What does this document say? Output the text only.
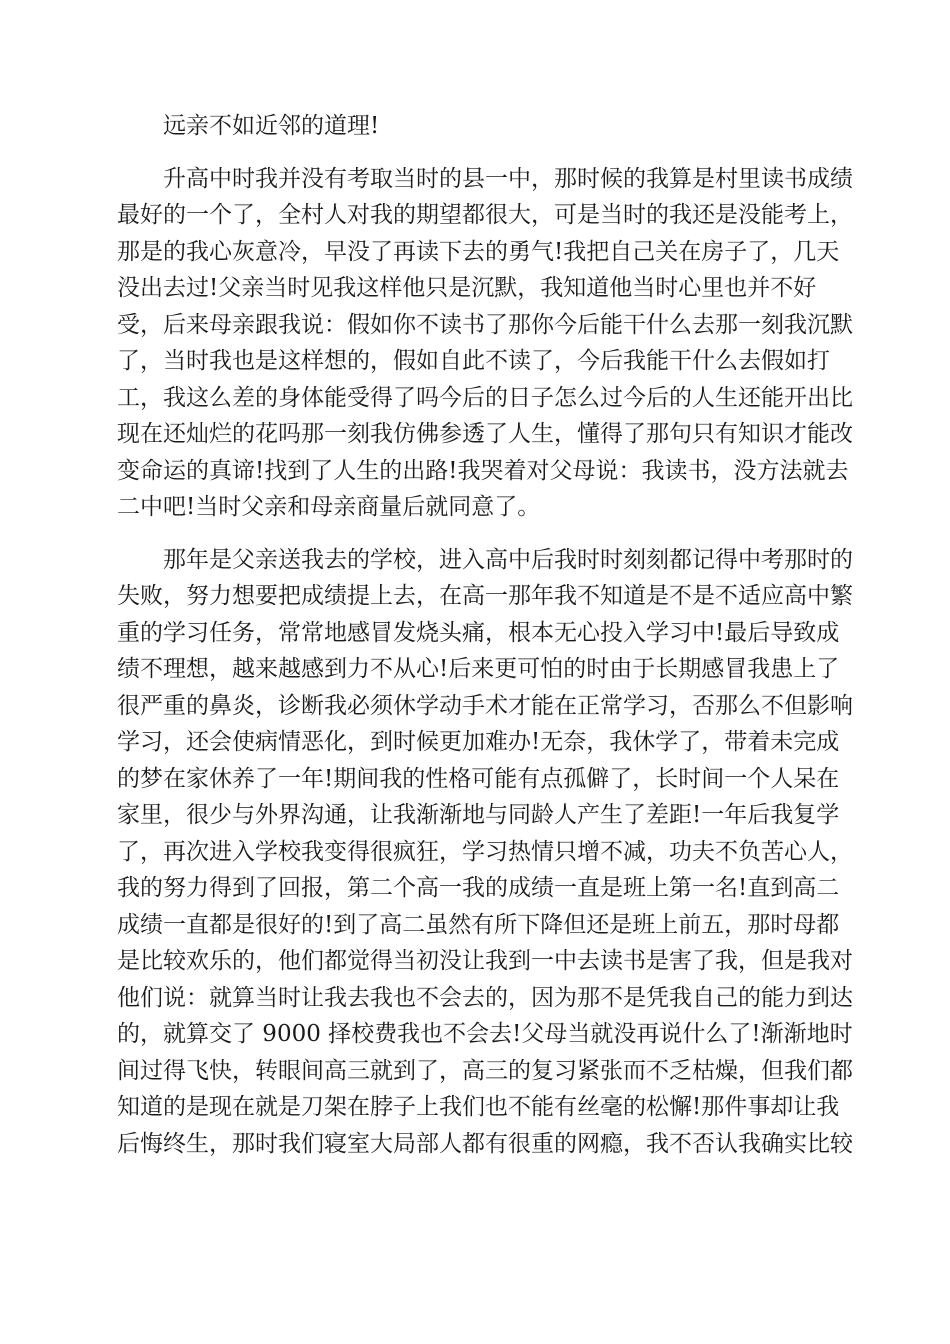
远亲不如近邻的道理!
升高中时我并没有考取当时的县一中，那时候的我算是村里读书成绩
最好的一个了，全村人对我的期望都很大，可是当时的我还是没能考上，
那是的我心灰意冷，早没了再读下去的勇气!我把自己关在房子了，几天
没出去过!父亲当时见我这样他只是沉默，我知道他当时心里也并不好
受，后来母亲跟我说：假如你不读书了那你今后能干什么去那一刻我沉默
了，当时我也是这样想的，假如自此不读了，今后我能干什么去假如打
工，我这么差的身体能受得了吗今后的日子怎么过今后的人生还能开出比
现在还灿烂的花吗那一刻我仿佛参透了人生，懂得了那句只有知识才能改
变命运的真谛!找到了人生的出路!我哭着对父母说：我读书，没方法就去
二中吧!当时父亲和母亲商量后就同意了。
那年是父亲送我去的学校，进入高中后我时时刻刻都记得中考那时的
失败，努力想要把成绩提上去，在高一那年我不知道是不是不适应高中繁
重的学习任务，常常地感冒发烧头痛，根本无心投入学习中!最后导致成
绩不理想，越来越感到力不从心!后来更可怕的时由于长期感冒我患上了
很严重的鼻炎，诊断我必须休学动手术才能在正常学习，否那么不但影响
学习，还会使病情恶化，到时候更加难办!无奈，我休学了，带着未完成
的梦在家休养了一年!期间我的性格可能有点孤僻了，长时间一个人呆在
家里，很少与外界沟通，让我渐渐地与同龄人产生了差距!一年后我复学
了，再次进入学校我变得很疯狂，学习热情只增不减，功夫不负苦心人，
我的努力得到了回报，第二个高一我的成绩一直是班上第一名!直到高二
成绩一直都是很好的!到了高二虽然有所下降但还是班上前五，那时母都
是比较欢乐的，他们都觉得当初没让我到一中去读书是害了我，但是我对
他们说：就算当时让我去我也不会去的，因为那不是凭我自己的能力到达
的，就算交了 9000 择校费我也不会去!父母当就没再说什么了!渐渐地时
间过得飞快，转眼间高三就到了，高三的复习紧张而不乏枯燥，但我们都
知道的是现在就是刀架在脖子上我们也不能有丝毫的松懈!那件事却让我
后悔终生，那时我们寝室大局部人都有很重的网瘾，我不否认我确实比较
